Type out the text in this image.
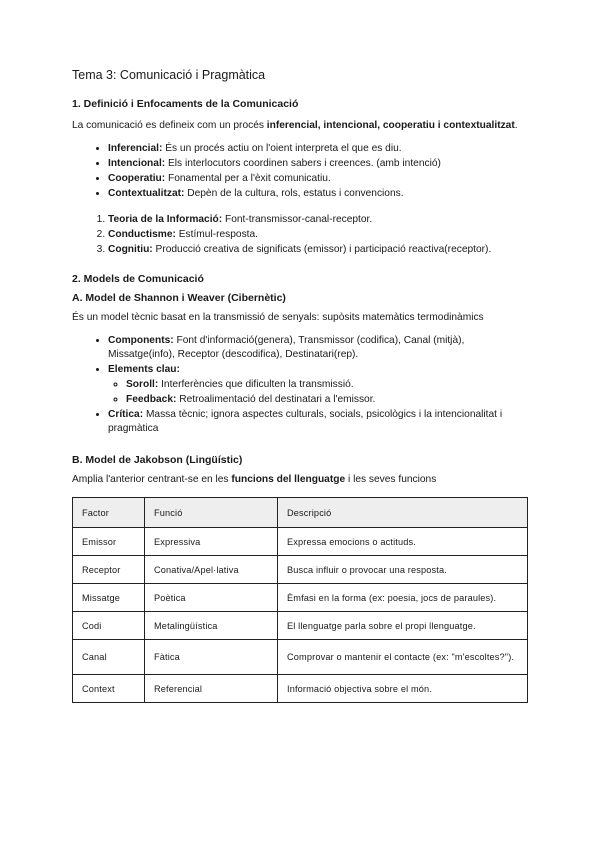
Tema 3: Comunicació i Pragmàtica
1. Definició i Enfocaments de la Comunicació

La comunicació es defineix com un procés inferencial, intencional, cooperatiu i contextualitzat.

• Inferencial: És un procés actiu on l'oient interpreta el que es diu.
• Intencional: Els interlocutors coordinen sabers i creences. (amb intenció)
• Cooperatiu: Fonamental per a l'èxit comunicatiu.
• Contextualitzat: Depèn de la cultura, rols, estatus i convencions.
1. Teoria de la Informació: Font-transmissor-canal-receptor.
2. Conductisme: Estímul-resposta.
3. Cognitiu: Producció creativa de significats (emissor) i participació reactiva(receptor).
2. Models de Comunicació
A. Model de Shannon i Weaver (Cibernètic)

És un model tècnic basat en la transmissió de senyals: supòsits matemàtics termodinàmics

• Components: Font d'informació(genera), Transmissor (codifica), Canal (mitjà), Missatge(info), Receptor (descodifica), Destinatari(rep).
• Elements clau:
◦ Soroll: Interferències que dificulten la transmissió.
◦ Feedback: Retroalimentació del destinatari a l'emissor.
• Crítica: Massa tècnic; ignora aspectes culturals, socials, psicològics i la intencionalitat i pragmàtica
B. Model de Jakobson (Lingüístic)

Amplia l'anterior centrant-se en les funcions del llenguatge i les seves funcions

Factor	Funció	Descripció
Emissor	Expressiva	Expressa emocions o actituds.
Receptor	Conativa/Apel·lativa	Busca influir o provocar una resposta.
Missatge	Poètica	Èmfasi en la forma (ex: poesia, jocs de paraules).
Codi	Metalingüística	El llenguatge parla sobre el propi llenguatge.
Canal	Fàtica	Comprovar o mantenir el contacte (ex: "m'escoltes?").
Context	Referencial	Informació objectiva sobre el món.
